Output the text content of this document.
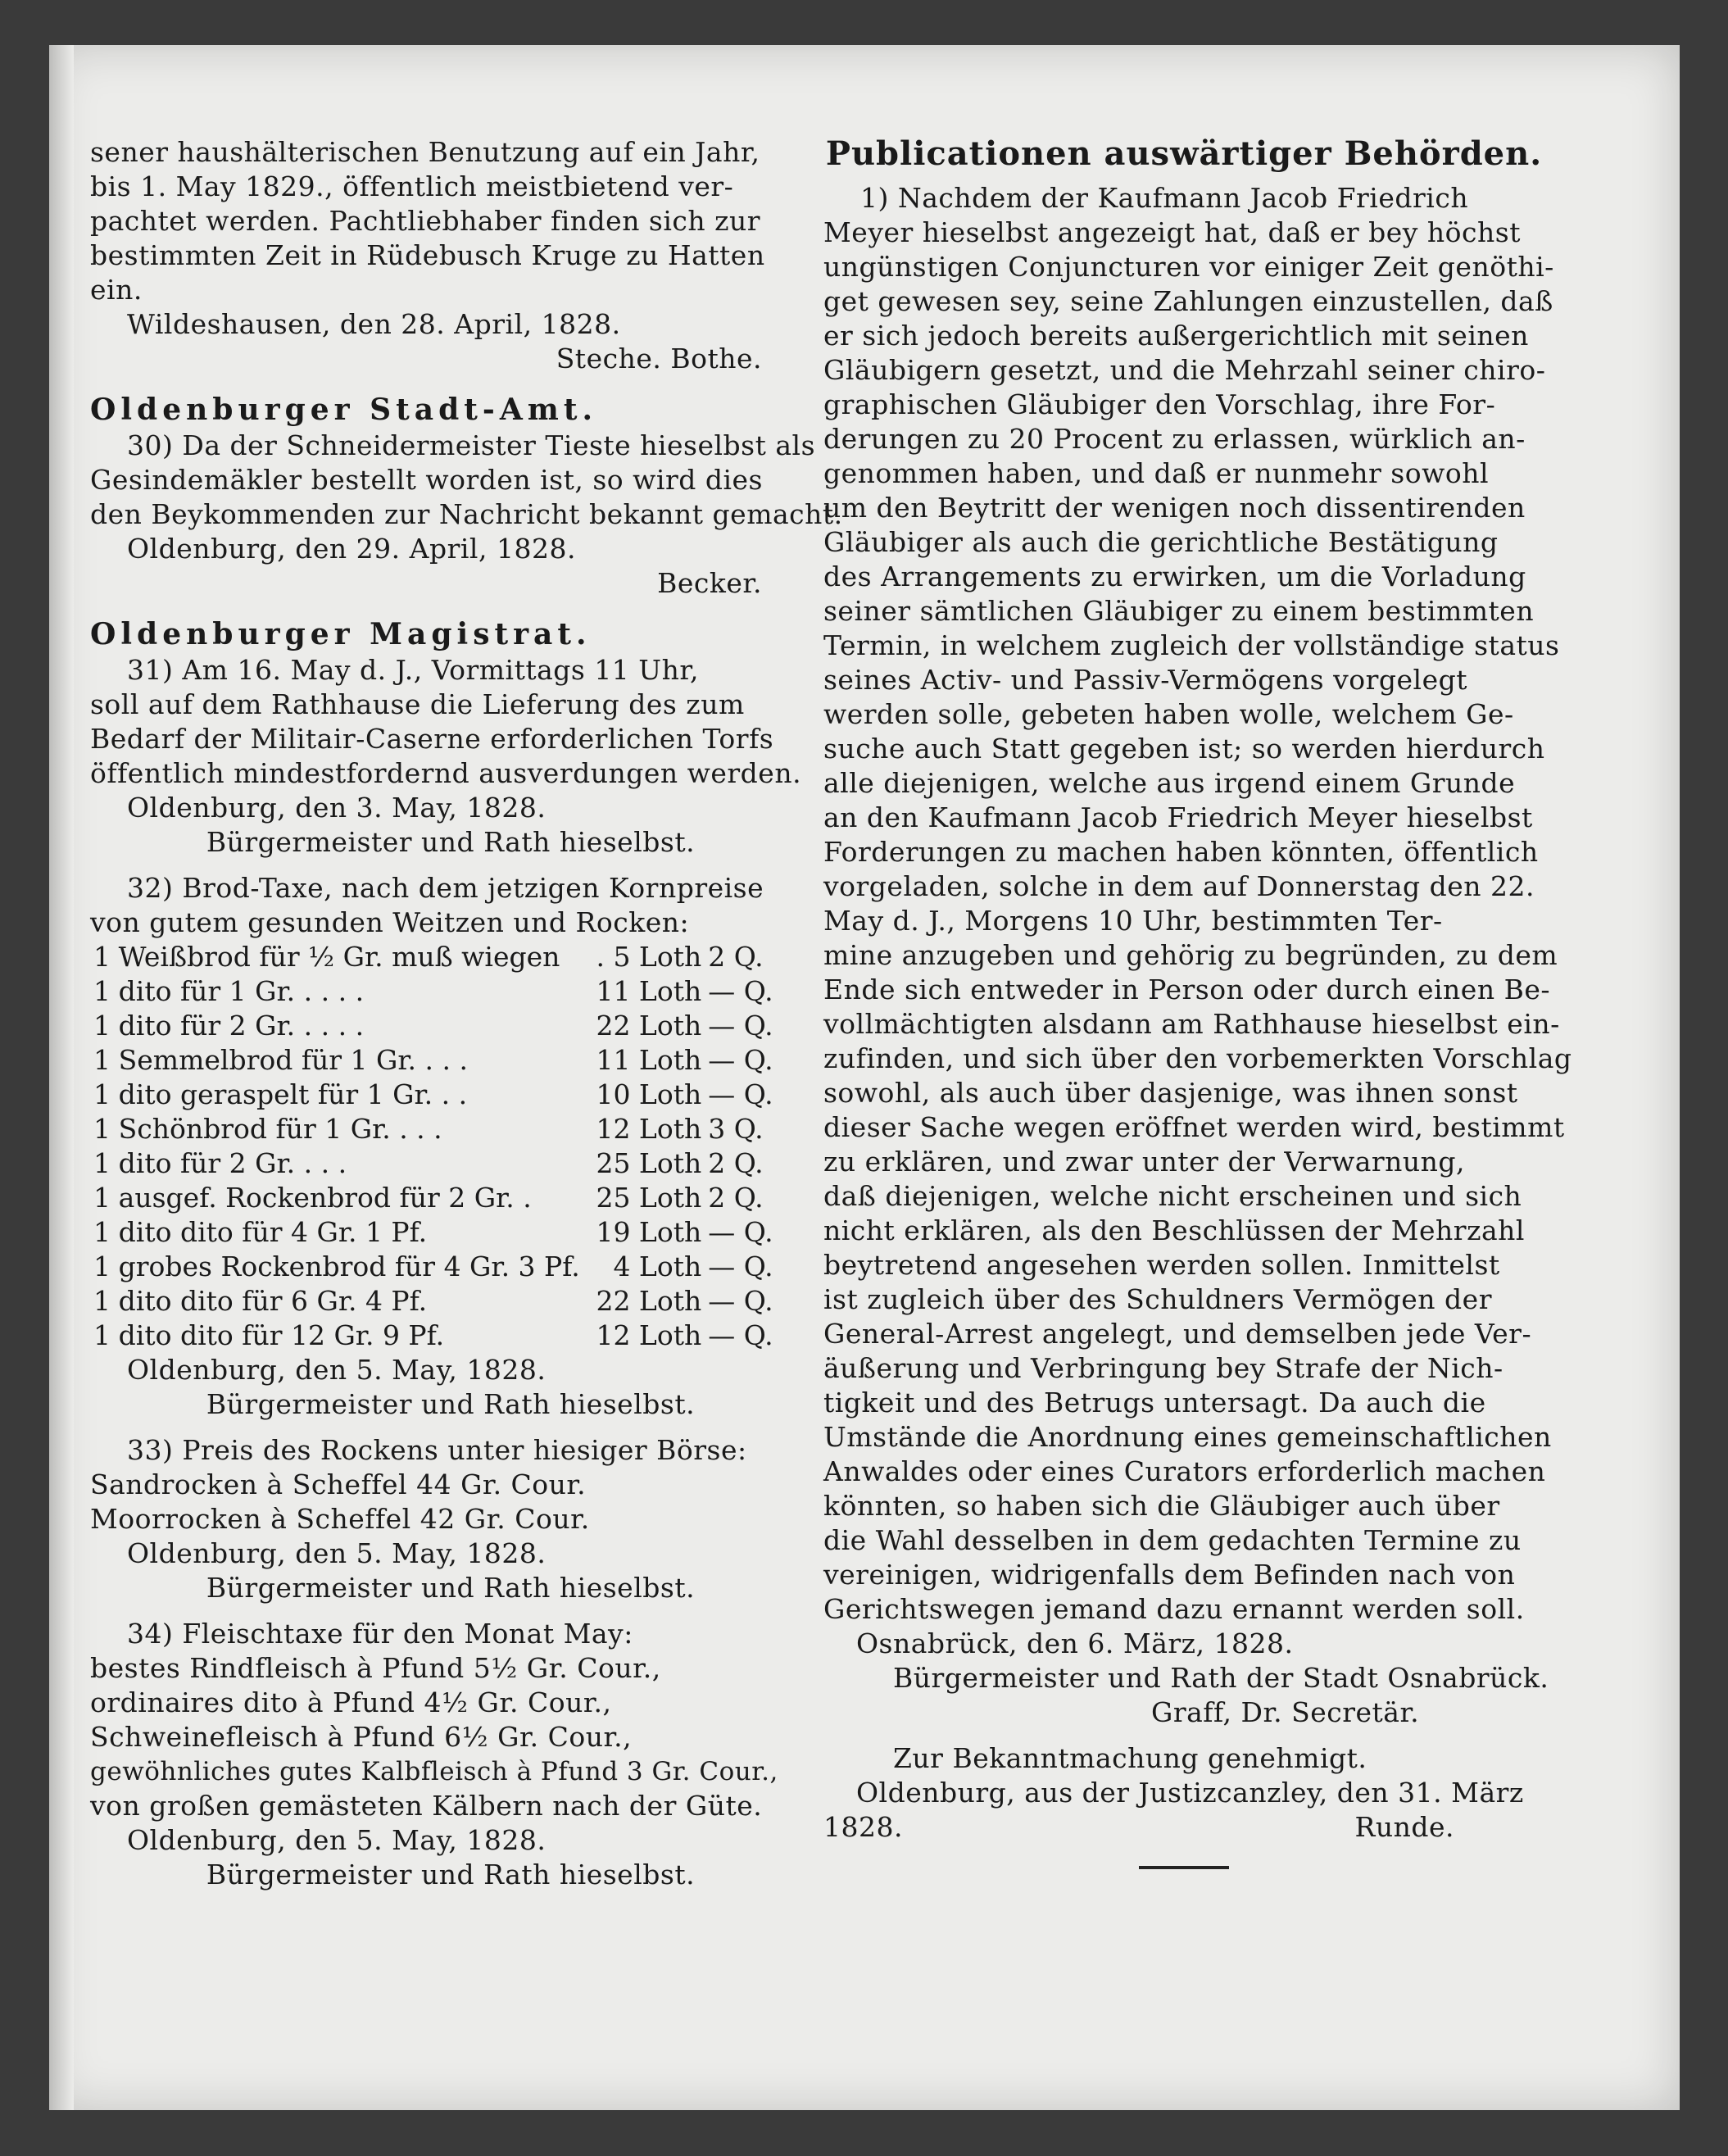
sener haushälterischen Benutzung auf ein Jahr,
bis 1. May 1829., öffentlich meistbietend ver-
pachtet werden. Pachtliebhaber finden sich zur
bestimmten Zeit in Rüdebusch Kruge zu Hatten
ein.
Wildeshausen, den 28. April, 1828.
Steche. Bothe.
Oldenburger Stadt-Amt.
30) Da der Schneidermeister Tieste hieselbst als
Gesindemäkler bestellt worden ist, so wird dies
den Beykommenden zur Nachricht bekannt gemacht.
Oldenburg, den 29. April, 1828.
Becker.
Oldenburger Magistrat.
31) Am 16. May d. J., Vormittags 11 Uhr,
soll auf dem Rathhause die Lieferung des zum
Bedarf der Militair-Caserne erforderlichen Torfs
öffentlich mindestfordernd ausverdungen werden.
Oldenburg, den 3. May, 1828.
Bürgermeister und Rath hieselbst.
32) Brod-Taxe, nach dem jetzigen Kornpreise
von gutem gesunden Weitzen und Rocken:
1	Weißbrod für ½ Gr. muß wiegen	. 5 Loth	2 Q.
1	dito für 1 Gr. . . . .	11 Loth	— Q.
1	dito für 2 Gr. . . . .	22 Loth	— Q.
1	Semmelbrod für 1 Gr. . . .	11 Loth	— Q.
1	dito geraspelt für 1 Gr. . .	10 Loth	— Q.
1	Schönbrod für 1 Gr. . . .	12 Loth	3 Q.
1	dito für 2 Gr. . . .	25 Loth	2 Q.
1	ausgef. Rockenbrod für 2 Gr. .	25 Loth	2 Q.
1	dito dito für 4 Gr. 1 Pf.	19 Loth	— Q.
1	grobes Rockenbrod für 4 Gr. 3 Pf.	4 Loth	— Q.
1	dito dito für 6 Gr. 4 Pf.	22 Loth	— Q.
1	dito dito für 12 Gr. 9 Pf.	12 Loth	— Q.
Oldenburg, den 5. May, 1828.
Bürgermeister und Rath hieselbst.
33) Preis des Rockens unter hiesiger Börse:
Sandrocken à Scheffel 44 Gr. Cour.
Moorrocken à Scheffel 42 Gr. Cour.
Oldenburg, den 5. May, 1828.
Bürgermeister und Rath hieselbst.
34) Fleischtaxe für den Monat May:
bestes Rindfleisch à Pfund 5½ Gr. Cour.,
ordinaires dito à Pfund 4½ Gr. Cour.,
Schweinefleisch à Pfund 6½ Gr. Cour.,
gewöhnliches gutes Kalbfleisch à Pfund 3 Gr. Cour.,
von großen gemästeten Kälbern nach der Güte.
Oldenburg, den 5. May, 1828.
Bürgermeister und Rath hieselbst.
Publicationen auswärtiger Behörden.
1) Nachdem der Kaufmann Jacob Friedrich
Meyer hieselbst angezeigt hat, daß er bey höchst
ungünstigen Conjuncturen vor einiger Zeit genöthi-
get gewesen sey, seine Zahlungen einzustellen, daß
er sich jedoch bereits außergerichtlich mit seinen
Gläubigern gesetzt, und die Mehrzahl seiner chiro-
graphischen Gläubiger den Vorschlag, ihre For-
derungen zu 20 Procent zu erlassen, würklich an-
genommen haben, und daß er nunmehr sowohl
um den Beytritt der wenigen noch dissentirenden
Gläubiger als auch die gerichtliche Bestätigung
des Arrangements zu erwirken, um die Vorladung
seiner sämtlichen Gläubiger zu einem bestimmten
Termin, in welchem zugleich der vollständige status
seines Activ- und Passiv-Vermögens vorgelegt
werden solle, gebeten haben wolle, welchem Ge-
suche auch Statt gegeben ist; so werden hierdurch
alle diejenigen, welche aus irgend einem Grunde
an den Kaufmann Jacob Friedrich Meyer hieselbst
Forderungen zu machen haben könnten, öffentlich
vorgeladen, solche in dem auf Donnerstag den 22.
May d. J., Morgens 10 Uhr, bestimmten Ter-
mine anzugeben und gehörig zu begründen, zu dem
Ende sich entweder in Person oder durch einen Be-
vollmächtigten alsdann am Rathhause hieselbst ein-
zufinden, und sich über den vorbemerkten Vorschlag
sowohl, als auch über dasjenige, was ihnen sonst
dieser Sache wegen eröffnet werden wird, bestimmt
zu erklären, und zwar unter der Verwarnung,
daß diejenigen, welche nicht erscheinen und sich
nicht erklären, als den Beschlüssen der Mehrzahl
beytretend angesehen werden sollen. Inmittelst
ist zugleich über des Schuldners Vermögen der
General-Arrest angelegt, und demselben jede Ver-
äußerung und Verbringung bey Strafe der Nich-
tigkeit und des Betrugs untersagt. Da auch die
Umstände die Anordnung eines gemeinschaftlichen
Anwaldes oder eines Curators erforderlich machen
könnten, so haben sich die Gläubiger auch über
die Wahl desselben in dem gedachten Termine zu
vereinigen, widrigenfalls dem Befinden nach von
Gerichtswegen jemand dazu ernannt werden soll.
Osnabrück, den 6. März, 1828.
Bürgermeister und Rath der Stadt Osnabrück.
Graff, Dr. Secretär.
Zur Bekanntmachung genehmigt.
Oldenburg, aus der Justizcanzley, den 31. März
1828.	Runde.
